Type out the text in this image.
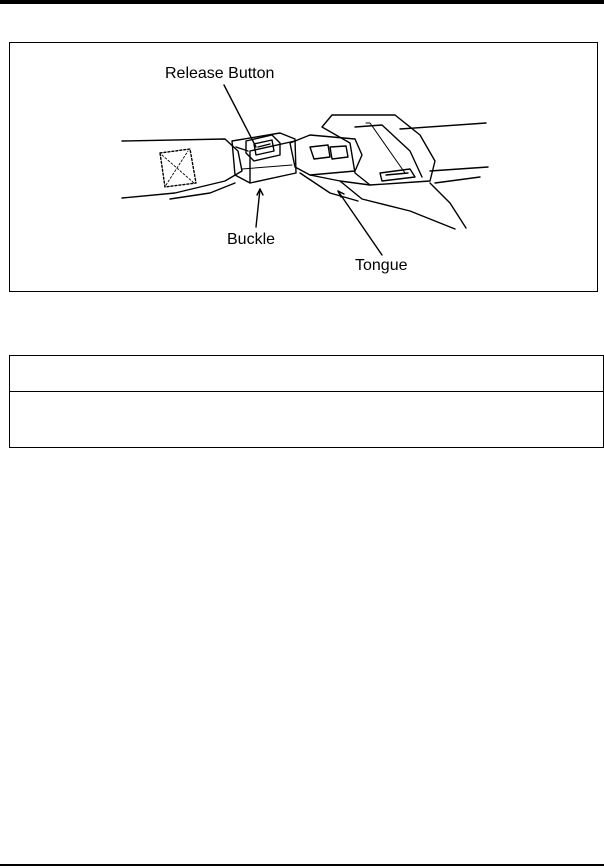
Release Button
Buckle
Tongue
